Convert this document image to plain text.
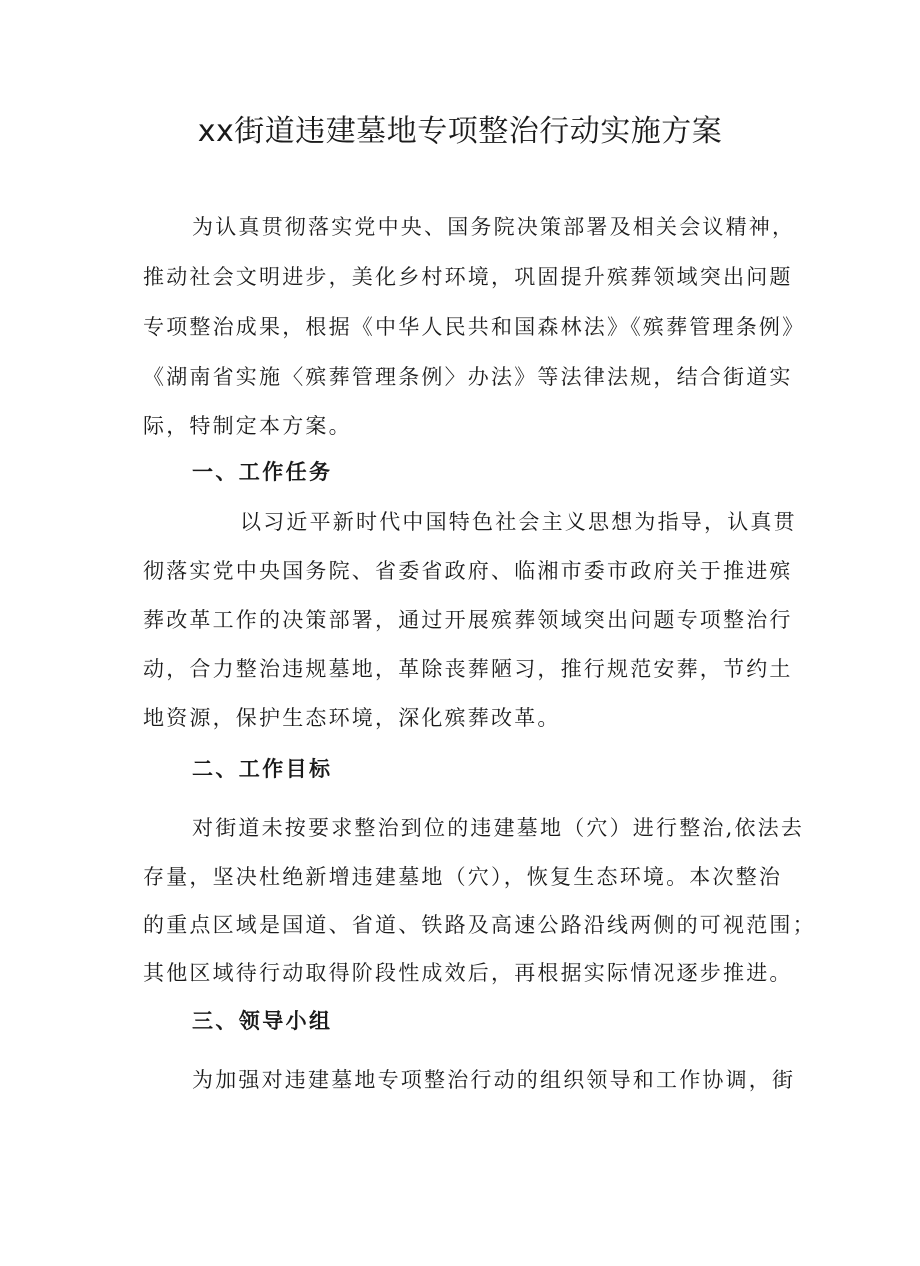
xx街道违建墓地专项整治行动实施方案
为认真贯彻落实党中央、国务院决策部署及相关会议精神，
推动社会文明进步，美化乡村环境，巩固提升殡葬领域突出问题
专项整治成果，根据《中华人民共和国森林法》《殡葬管理条例》
《湖南省实施〈殡葬管理条例〉办法》等法律法规，结合街道实
际，特制定本方案。
一、工作任务
以习近平新时代中国特色社会主义思想为指导，认真贯
彻落实党中央国务院、省委省政府、临湘市委市政府关于推进殡
葬改革工作的决策部署，通过开展殡葬领域突出问题专项整治行
动，合力整治违规墓地，革除丧葬陋习，推行规范安葬，节约土
地资源，保护生态环境，深化殡葬改革。
二、工作目标
对街道未按要求整治到位的违建墓地（穴）进行整治,依法去
存量，坚决杜绝新增违建墓地（穴），恢复生态环境。本次整治
的重点区域是国道、省道、铁路及高速公路沿线两侧的可视范围；
其他区域待行动取得阶段性成效后，再根据实际情况逐步推进。
三、领导小组
为加强对违建墓地专项整治行动的组织领导和工作协调，街
